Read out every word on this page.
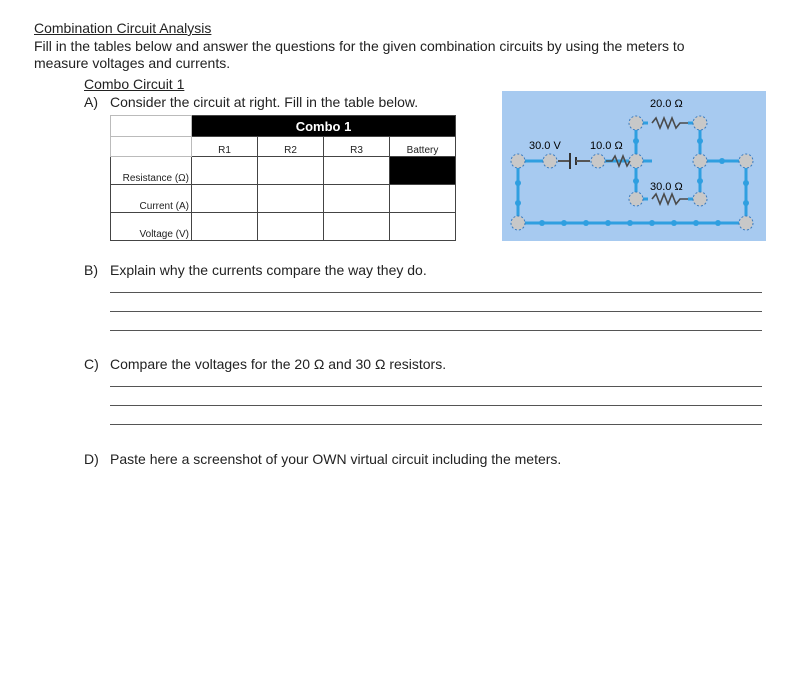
Combination Circuit Analysis
Fill in the tables below and answer the questions for the given combination circuits by using the meters to measure voltages and currents.
Combo Circuit 1
A) Consider the circuit at right. Fill in the table below.
	Combo 1			
	R1	R2	R3	Battery
Resistance (Ω)				
Current (A)				
Voltage (V)				
30.0 V	10.0 Ω
20.0 Ω
30.0 Ω
B) Explain why the currents compare the way they do.
C) Compare the voltages for the 20 Ω and 30 Ω resistors.
D) Paste here a screenshot of your OWN virtual circuit including the meters.
